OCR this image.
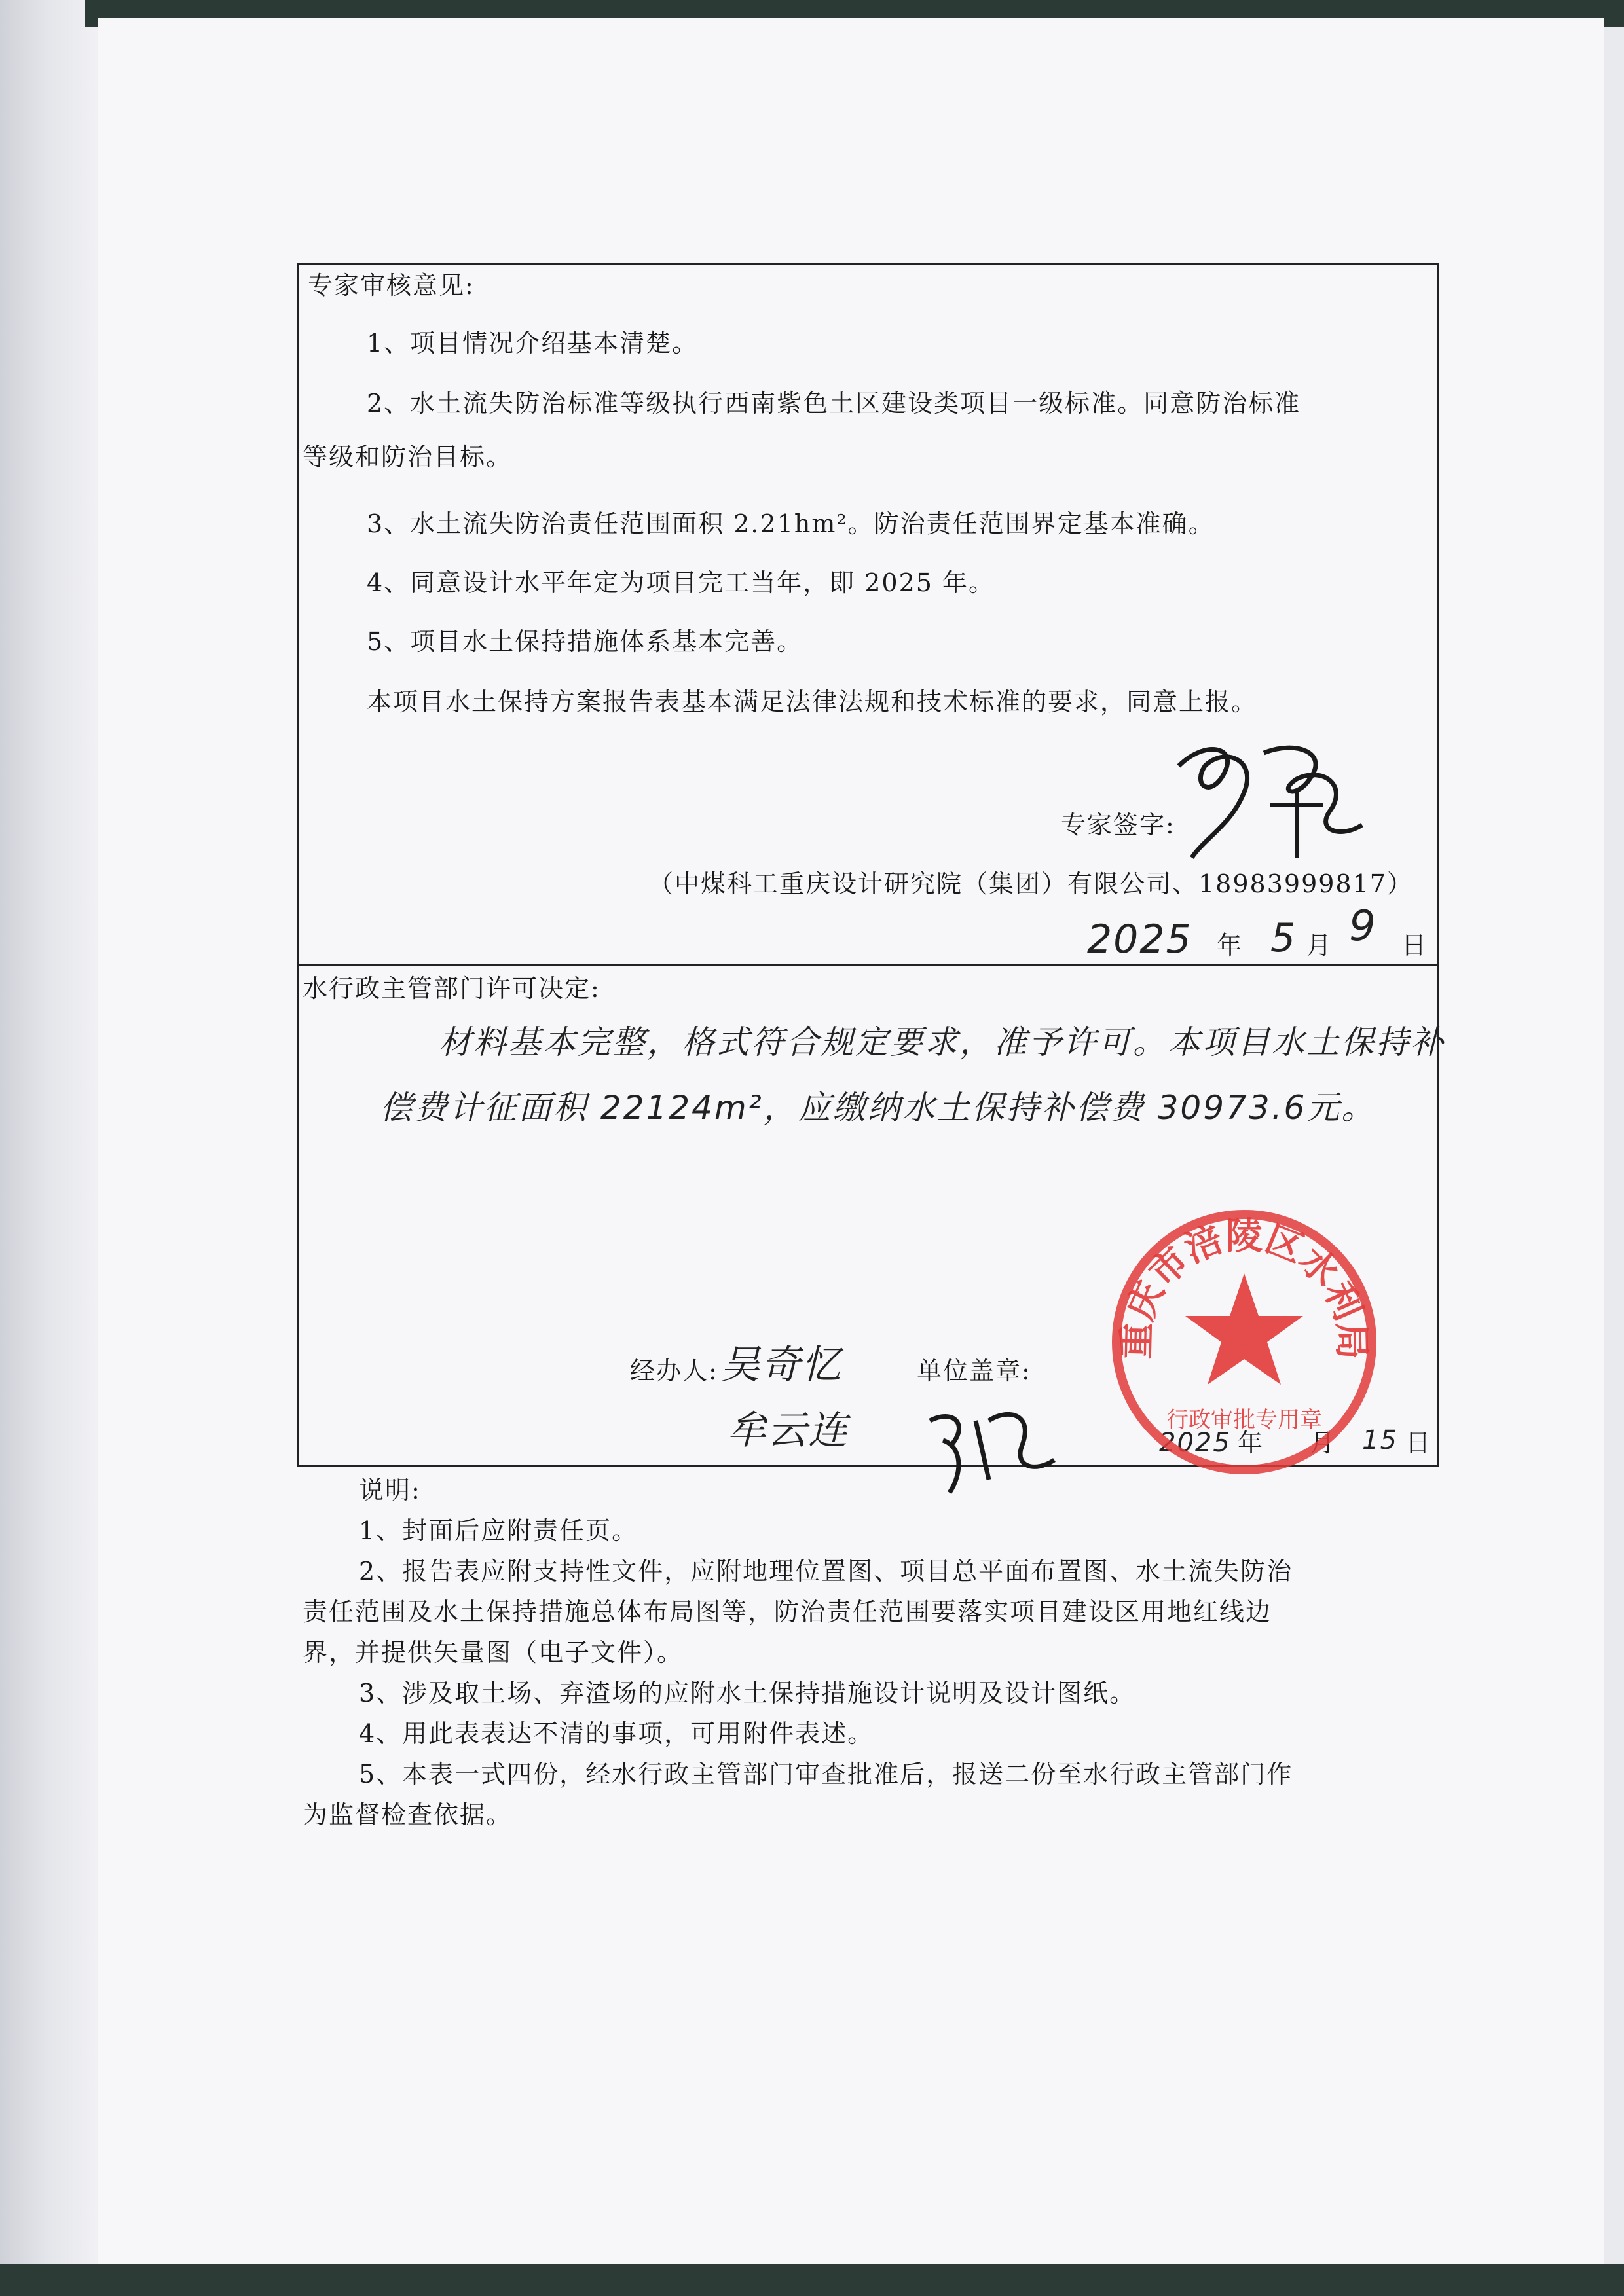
专家审核意见:
1、项目情况介绍基本清楚。
2、水土流失防治标准等级执行西南紫色土区建设类项目一级标准。同意防治标准
等级和防治目标。
3、水土流失防治责任范围面积 2.21hm²。防治责任范围界定基本准确。
4、同意设计水平年定为项目完工当年，即 2025 年。
5、项目水土保持措施体系基本完善。
本项目水土保持方案报告表基本满足法律法规和技术标准的要求，同意上报。
专家签字:
（中煤科工重庆设计研究院（集团）有限公司、18983999817）
2025 年 5 月 9 日
水行政主管部门许可决定:
材料基本完整，格式符合规定要求，准予许可。本项目水土保持补
偿费计征面积 22124m²，应缴纳水土保持补偿费 30973.6元。
经办人: 吴奇忆
牟云连
单位盖章:
2025 年 月 15 日
重庆市涪陵区水利局
行政审批专用章
说明:
1、封面后应附责任页。
2、报告表应附支持性文件，应附地理位置图、项目总平面布置图、水土流失防治
责任范围及水土保持措施总体布局图等，防治责任范围要落实项目建设区用地红线边
界，并提供矢量图（电子文件）。
3、涉及取土场、弃渣场的应附水土保持措施设计说明及设计图纸。
4、用此表表达不清的事项，可用附件表述。
5、本表一式四份，经水行政主管部门审查批准后，报送二份至水行政主管部门作
为监督检查依据。
